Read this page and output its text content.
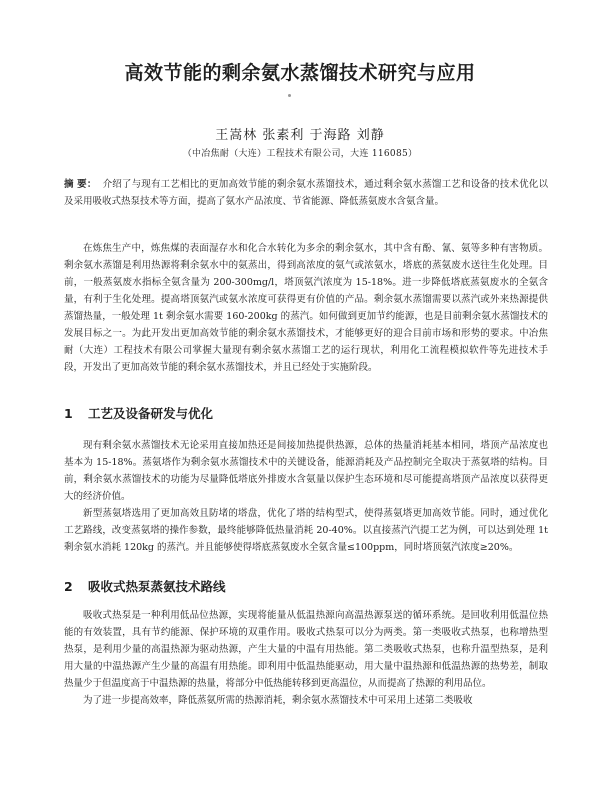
高效节能的剩余氨水蒸馏技术研究与应用
王嵩林 张素利 于海路 刘静
（中冶焦耐（大连）工程技术有限公司，大连 116085）
摘 要： 介绍了与现有工艺相比的更加高效节能的剩余氨水蒸馏技术，通过剩余氨水蒸馏工艺和设备的技术优化以及采用吸收式热泵技术等方面，提高了氨水产品浓度、节省能源、降低蒸氨废水含氨含量。

在炼焦生产中，炼焦煤的表面湿存水和化合水转化为多余的剩余氨水，其中含有酚、氰、氨等多种有害物质。剩余氨水蒸馏是利用热源将剩余氨水中的氨蒸出，得到高浓度的氨气或浓氨水，塔底的蒸氨废水送往生化处理。目前，一般蒸氨废水指标全氨含量为 200-300mg/l，塔顶氨汽浓度为 15-18%。进一步降低塔底蒸氨废水的全氨含量，有利于生化处理。提高塔顶氨汽或氨水浓度可获得更有价值的产品。剩余氨水蒸馏需要以蒸汽或外来热源提供蒸馏热量，一般处理 1t 剩余氨水需要 160-200kg 的蒸汽。如何做到更加节约能源，也是目前剩余氨水蒸馏技术的发展目标之一。为此开发出更加高效节能的剩余氨水蒸馏技术，才能够更好的迎合目前市场和形势的要求。中冶焦耐（大连）工程技术有限公司掌握大量现有剩余氨水蒸馏工艺的运行现状，利用化工流程模拟软件等先进技术手段，开发出了更加高效节能的剩余氨水蒸馏技术，并且已经处于实施阶段。

1 工艺及设备研发与优化

现有剩余氨水蒸馏技术无论采用直接加热还是间接加热提供热源，总体的热量消耗基本相同，塔顶产品浓度也基本为 15-18%。蒸氨塔作为剩余氨水蒸馏技术中的关键设备，能源消耗及产品控制完全取决于蒸氨塔的结构。目前，剩余氨水蒸馏技术的功能为尽量降低塔底外排废水含氨量以保护生态环境和尽可能提高塔顶产品浓度以获得更大的经济价值。

新型蒸氨塔选用了更加高效且防堵的塔盘，优化了塔的结构型式，使得蒸氨塔更加高效节能。同时，通过优化工艺路线，改变蒸氨塔的操作参数，最终能够降低热量消耗 20-40%。以直接蒸汽汽提工艺为例，可以达到处理 1t 剩余氨水消耗 120kg 的蒸汽。并且能够使得塔底蒸氨废水全氨含量≤100ppm，同时塔顶氨汽浓度≥20%。

2 吸收式热泵蒸氨技术路线

吸收式热泵是一种利用低品位热源，实现将能量从低温热源向高温热源泵送的循环系统。是回收利用低温位热能的有效装置，具有节约能源、保护环境的双重作用。吸收式热泵可以分为两类。第一类吸收式热泵，也称增热型热泵，是利用少量的高温热源为驱动热源，产生大量的中温有用热能。第二类吸收式热泵，也称升温型热泵，是利用大量的中温热源产生少量的高温有用热能。即利用中低温热能驱动，用大量中温热源和低温热源的热势差，制取热量少于但温度高于中温热源的热量，将部分中低热能转移到更高温位，从而提高了热源的利用品位。

为了进一步提高效率，降低蒸氨所需的热源消耗，剩余氨水蒸馏技术中可采用上述第二类吸收
